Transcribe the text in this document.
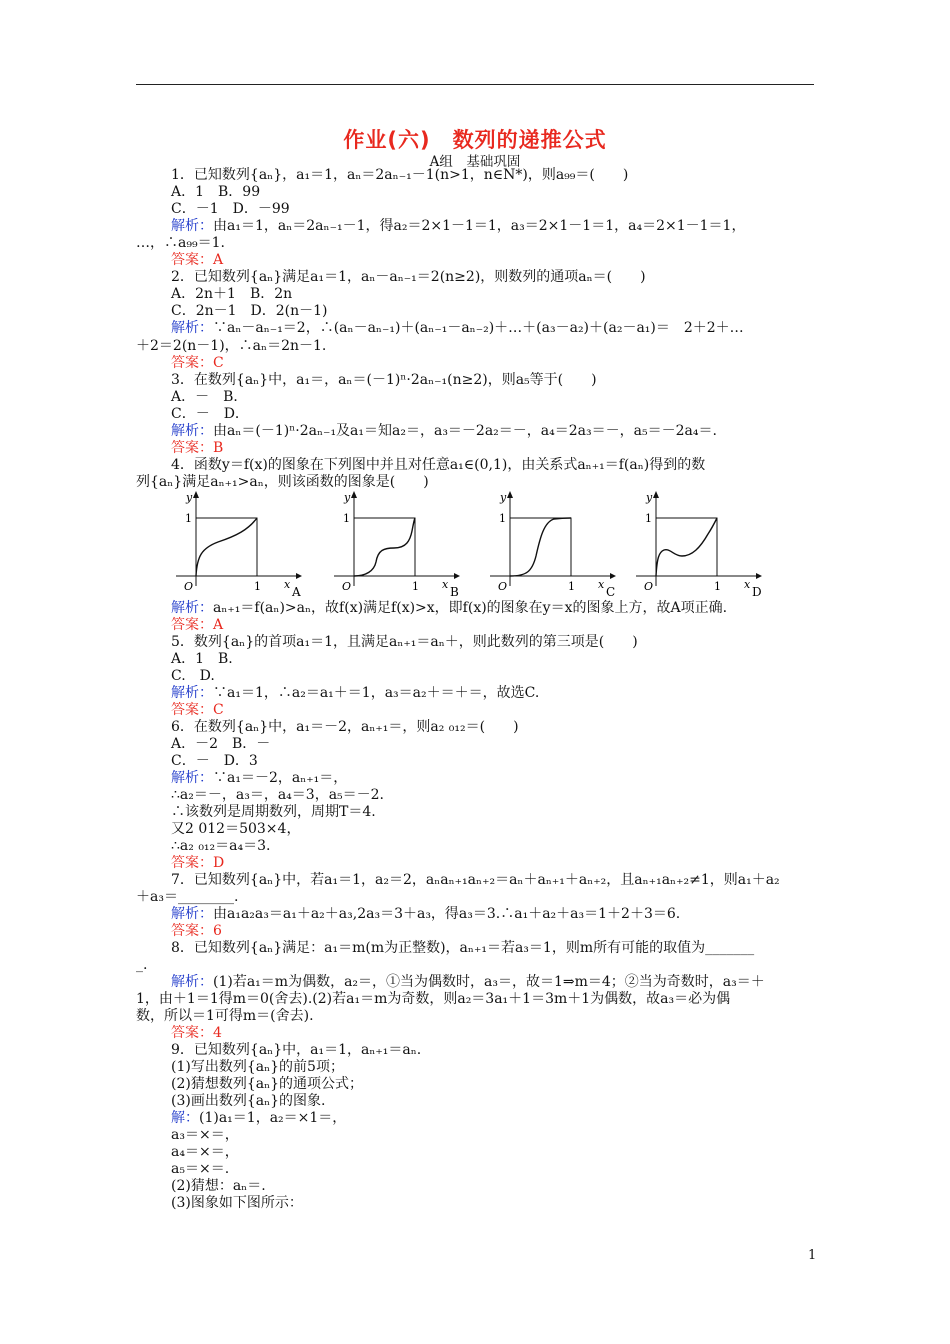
作业(六)　数列的递推公式
A组　基础巩固
1．已知数列{aₙ}，a₁＝1，aₙ＝2aₙ₋₁－1(n>1，n∈N*)，则a₉₉＝(　　)
A．1　B．99
C．－1　D．－99
解析：由a₁＝1，aₙ＝2aₙ₋₁－1，得a₂＝2×1－1＝1，a₃＝2×1－1＝1，a₄＝2×1－1＝1，
…，∴a₉₉＝1.
答案：A
2．已知数列{aₙ}满足a₁＝1，aₙ－aₙ₋₁＝2(n≥2)，则数列的通项aₙ＝(　　)
A．2n＋1　B．2n
C．2n－1　D．2(n－1)
解析：∵aₙ－aₙ₋₁＝2，∴(aₙ－aₙ₋₁)＋(aₙ₋₁－aₙ₋₂)＋…＋(a₃－a₂)＋(a₂－a₁)＝　2＋2＋…
＋2＝2(n－1)，∴aₙ＝2n－1.
答案：C
3．在数列{aₙ}中，a₁＝，aₙ＝(－1)ⁿ·2aₙ₋₁(n≥2)，则a₅等于(　　)
A．－　B．
C．－　D．
解析：由aₙ＝(－1)ⁿ·2aₙ₋₁及a₁＝知a₂＝，a₃＝－2a₂＝－，a₄＝2a₃＝－，a₅＝－2a₄＝.
答案：B
4．函数y＝f(x)的图象在下列图中并且对任意a₁∈(0,1)，由关系式aₙ₊₁＝f(aₙ)得到的数
列{aₙ}满足aₙ₊₁>aₙ，则该函数的图象是(　　)
解析：aₙ₊₁＝f(aₙ)>aₙ，故f(x)满足f(x)>x，即f(x)的图象在y＝x的图象上方，故A项正确.
答案：A
5．数列{aₙ}的首项a₁＝1，且满足aₙ₊₁＝aₙ＋，则此数列的第三项是(　　)
A．1　B.
C.　D.
解析：∵a₁＝1，∴a₂＝a₁＋＝1，a₃＝a₂＋＝＋＝，故选C.
答案：C
6．在数列{aₙ}中，a₁＝－2，aₙ₊₁＝，则a₂ ₀₁₂＝(　　)
A．－2　B．－
C．－　D．3
解析：∵a₁＝－2，aₙ₊₁＝，
∴a₂＝－，a₃＝，a₄＝3，a₅＝－2.
∴该数列是周期数列，周期T＝4.
又2 012＝503×4，
∴a₂ ₀₁₂＝a₄＝3.
答案：D
7．已知数列{aₙ}中，若a₁＝1，a₂＝2，aₙaₙ₊₁aₙ₊₂＝aₙ＋aₙ₊₁＋aₙ₊₂，且aₙ₊₁aₙ₊₂≠1，则a₁＋a₂
＋a₃＝________.
解析：由a₁a₂a₃＝a₁＋a₂＋a₃,2a₃＝3＋a₃，得a₃＝3.∴a₁＋a₂＋a₃＝1＋2＋3＝6.
答案：6
8．已知数列{aₙ}满足：a₁＝m(m为正整数)，aₙ₊₁＝若a₃＝1，则m所有可能的取值为_______
_.
解析：(1)若a₁＝m为偶数，a₂＝，①当为偶数时，a₃＝，故＝1⇒m＝4；②当为奇数时，a₃＝＋
1，由＋1＝1得m＝0(舍去).(2)若a₁＝m为奇数，则a₂＝3a₁＋1＝3m＋1为偶数，故a₃＝必为偶
数，所以＝1可得m＝(舍去).
答案：4
9．已知数列{aₙ}中，a₁＝1，aₙ₊₁＝aₙ.
(1)写出数列{aₙ}的前5项；
(2)猜想数列{aₙ}的通项公式；
(3)画出数列{aₙ}的图象.
解：(1)a₁＝1，a₂＝×1＝，
a₃＝×＝，
a₄＝×＝，
a₅＝×＝.
(2)猜想：aₙ＝.
(3)图象如下图所示：
y
1
O	1 x
A
y
1
O	1 x
B
y
1
O	1 x
C
y
1
O	1 x
D
1
